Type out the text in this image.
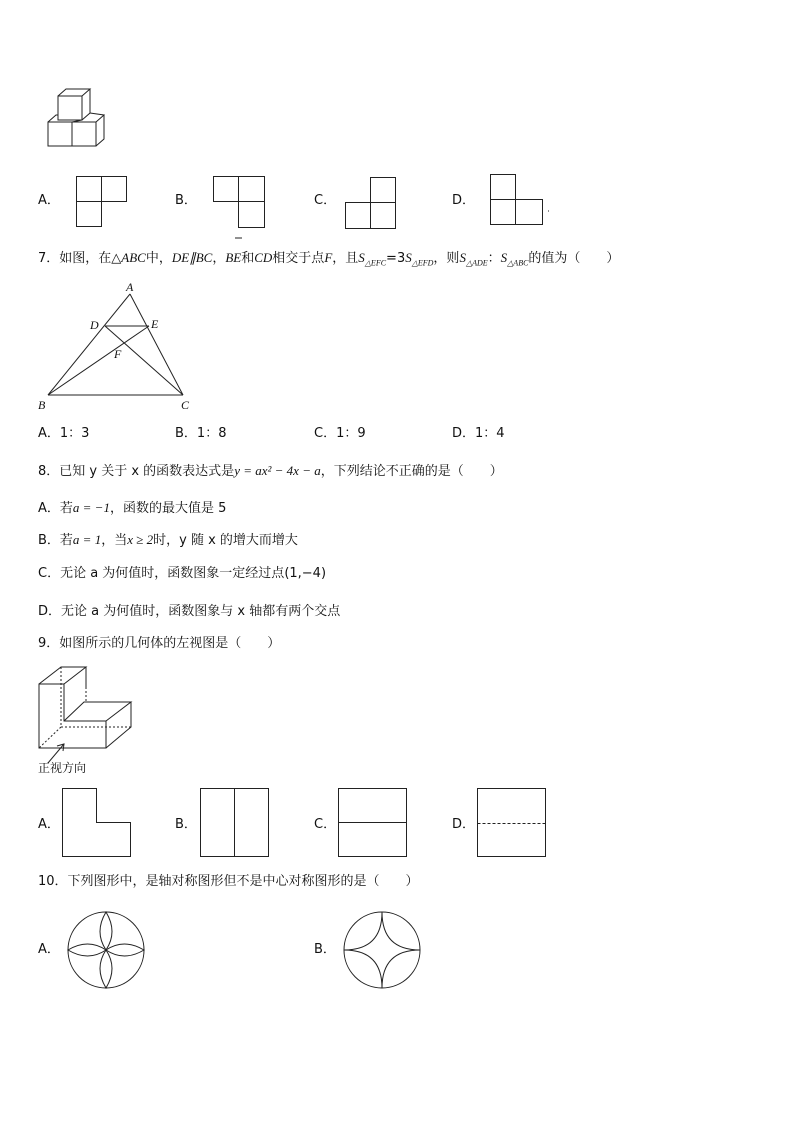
A．	B．	C．	D．
7．如图，在△ABC中，DE∥BC，BE和CD相交于点F，且$S_{\triangle EFC}=3S_{\triangle EFD}$，则$S_{\triangle ADE}$：$S_{\triangle ABC}$的值为（　　）
A
D	E
F
B	C
A．1：3	B．1：8	C．1：9	D．1：4
8．已知 y 关于 x 的函数表达式是y = ax² − 4x − a，下列结论不正确的是（　　）
A．若a = −1，函数的最大值是 5
B．若a = 1，当x ≥ 2时，y 随 x 的增大而增大
C．无论 a 为何值时，函数图象一定经过点(1,−4)
D．无论 a 为何值时，函数图象与 x 轴都有两个交点
9．如图所示的几何体的左视图是（　　）
正视方向
A．	B．	C．	D．
10．下列图形中，是轴对称图形但不是中心对称图形的是（　　）
A．	B．
